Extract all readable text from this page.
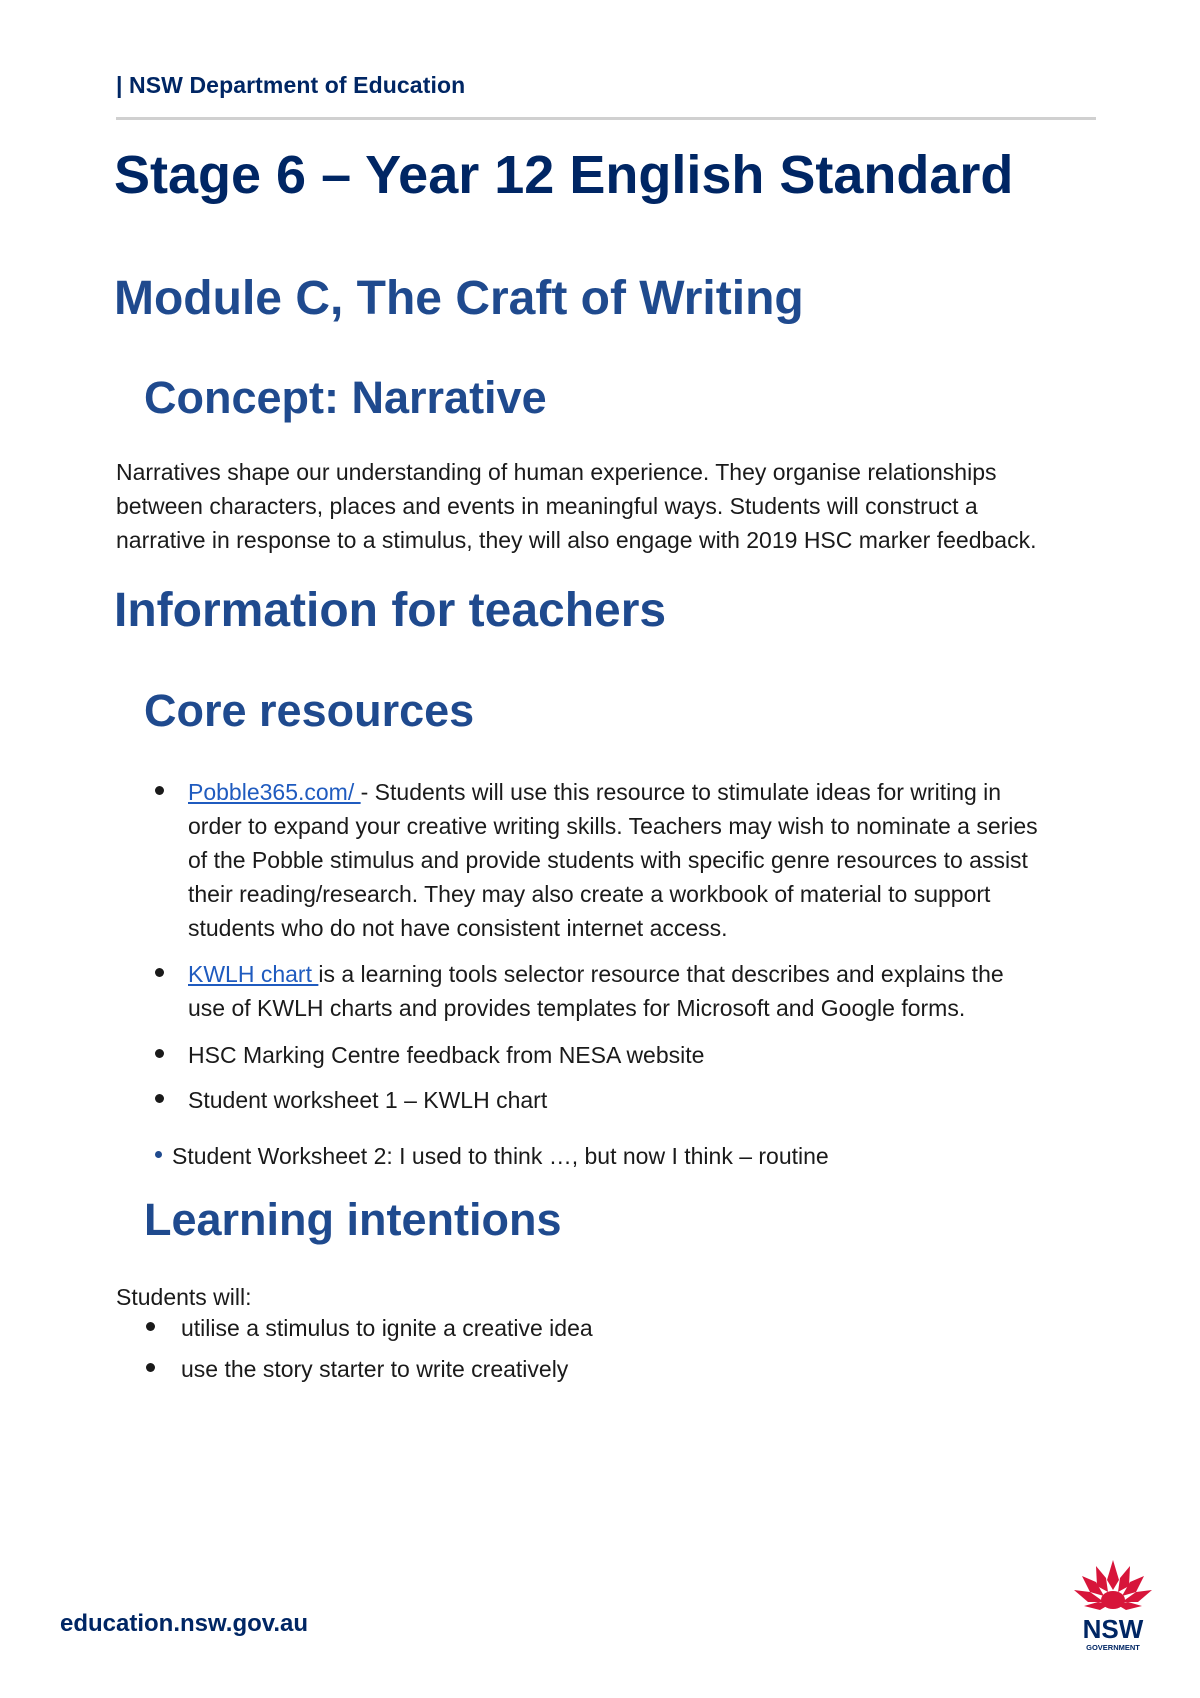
| NSW Department of Education
Stage 6 – Year 12 English Standard
Module C, The Craft of Writing
Concept: Narrative
Narratives shape our understanding of human experience. They organise relationships
between characters, places and events in meaningful ways. Students will construct a
narrative in response to a stimulus, they will also engage with 2019 HSC marker feedback.
Information for teachers
Core resources
Pobble365.com/ - Students will use this resource to stimulate ideas for writing in
order to expand your creative writing skills. Teachers may wish to nominate a series
of the Pobble stimulus and provide students with specific genre resources to assist
their reading/research. They may also create a workbook of material to support
students who do not have consistent internet access.
KWLH chart is a learning tools selector resource that describes and explains the
use of KWLH charts and provides templates for Microsoft and Google forms.
HSC Marking Centre feedback from NESA website
Student worksheet 1 – KWLH chart
Student Worksheet 2: I used to think …, but now I think – routine
Learning intentions
Students will:
utilise a stimulus to ignite a creative idea
use the story starter to write creatively
education.nsw.gov.au	NSW
GOVERNMENT
